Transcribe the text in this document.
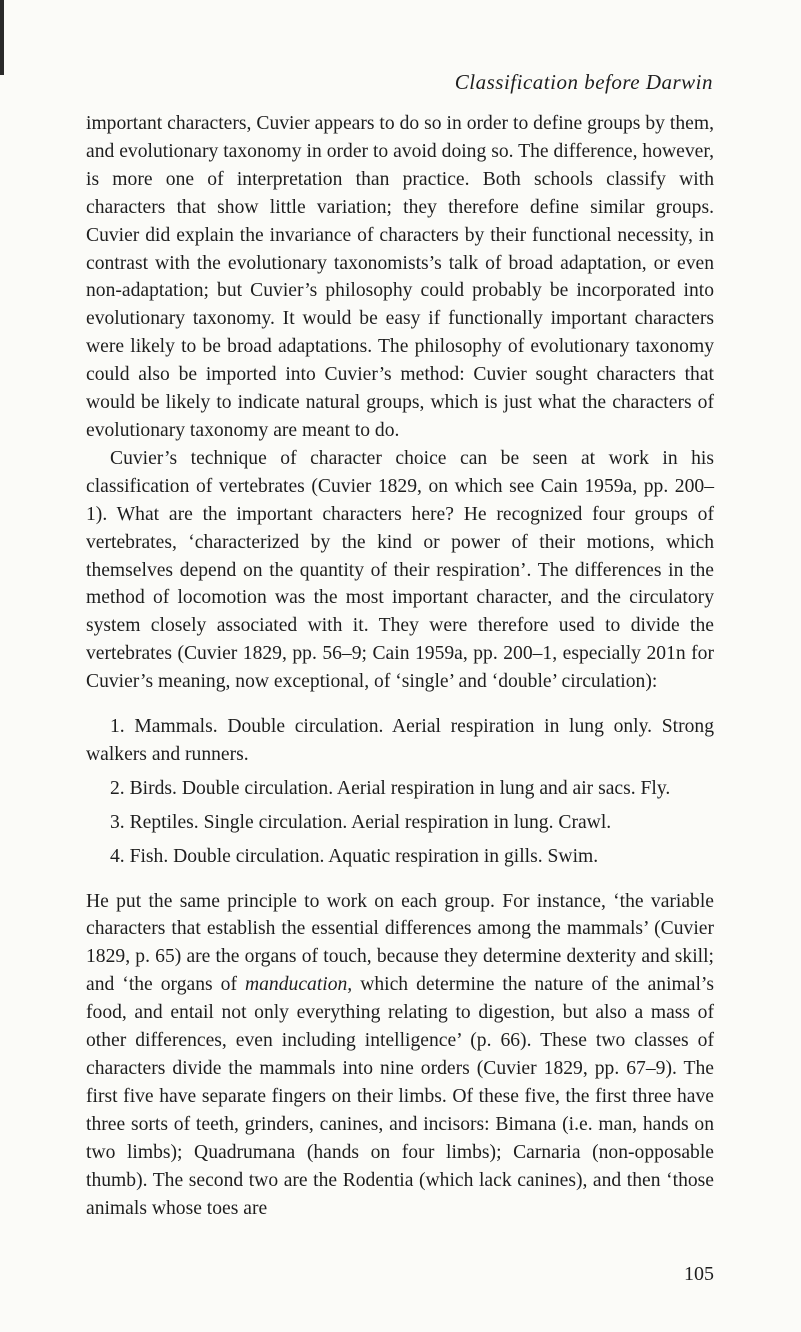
Classification before Darwin

important characters, Cuvier appears to do so in order to define groups by them, and evolutionary taxonomy in order to avoid doing so. The difference, however, is more one of interpretation than practice. Both schools classify with characters that show little variation; they therefore define similar groups. Cuvier did explain the invariance of characters by their functional necessity, in contrast with the evolutionary taxonomists’s talk of broad adaptation, or even non-adaptation; but Cuvier’s philosophy could probably be incorporated into evolutionary taxonomy. It would be easy if functionally important characters were likely to be broad adaptations. The philosophy of evolutionary taxonomy could also be imported into Cuvier’s method: Cuvier sought characters that would be likely to indicate natural groups, which is just what the characters of evolutionary taxonomy are meant to do.

Cuvier’s technique of character choice can be seen at work in his classification of vertebrates (Cuvier 1829, on which see Cain 1959a, pp. 200–1). What are the important characters here? He recognized four groups of vertebrates, ‘characterized by the kind or power of their motions, which themselves depend on the quantity of their respiration’. The differences in the method of locomotion was the most important character, and the circulatory system closely associated with it. They were therefore used to divide the vertebrates (Cuvier 1829, pp. 56–9; Cain 1959a, pp. 200–1, especially 201n for Cuvier’s meaning, now exceptional, of ‘single’ and ‘double’ circulation):

1. Mammals. Double circulation. Aerial respiration in lung only. Strong walkers and runners.
2. Birds. Double circulation. Aerial respiration in lung and air sacs. Fly.
3. Reptiles. Single circulation. Aerial respiration in lung. Crawl.
4. Fish. Double circulation. Aquatic respiration in gills. Swim.

He put the same principle to work on each group. For instance, ‘the variable characters that establish the essential differences among the mammals’ (Cuvier 1829, p. 65) are the organs of touch, because they determine dexterity and skill; and ‘the organs of manducation, which determine the nature of the animal’s food, and entail not only everything relating to digestion, but also a mass of other differences, even including intelligence’ (p. 66). These two classes of characters divide the mammals into nine orders (Cuvier 1829, pp. 67–9). The first five have separate fingers on their limbs. Of these five, the first three have three sorts of teeth, grinders, canines, and incisors: Bimana (i.e. man, hands on two limbs); Quadrumana (hands on four limbs); Carnaria (non-opposable thumb). The second two are the Rodentia (which lack canines), and then ‘those animals whose toes are

105
